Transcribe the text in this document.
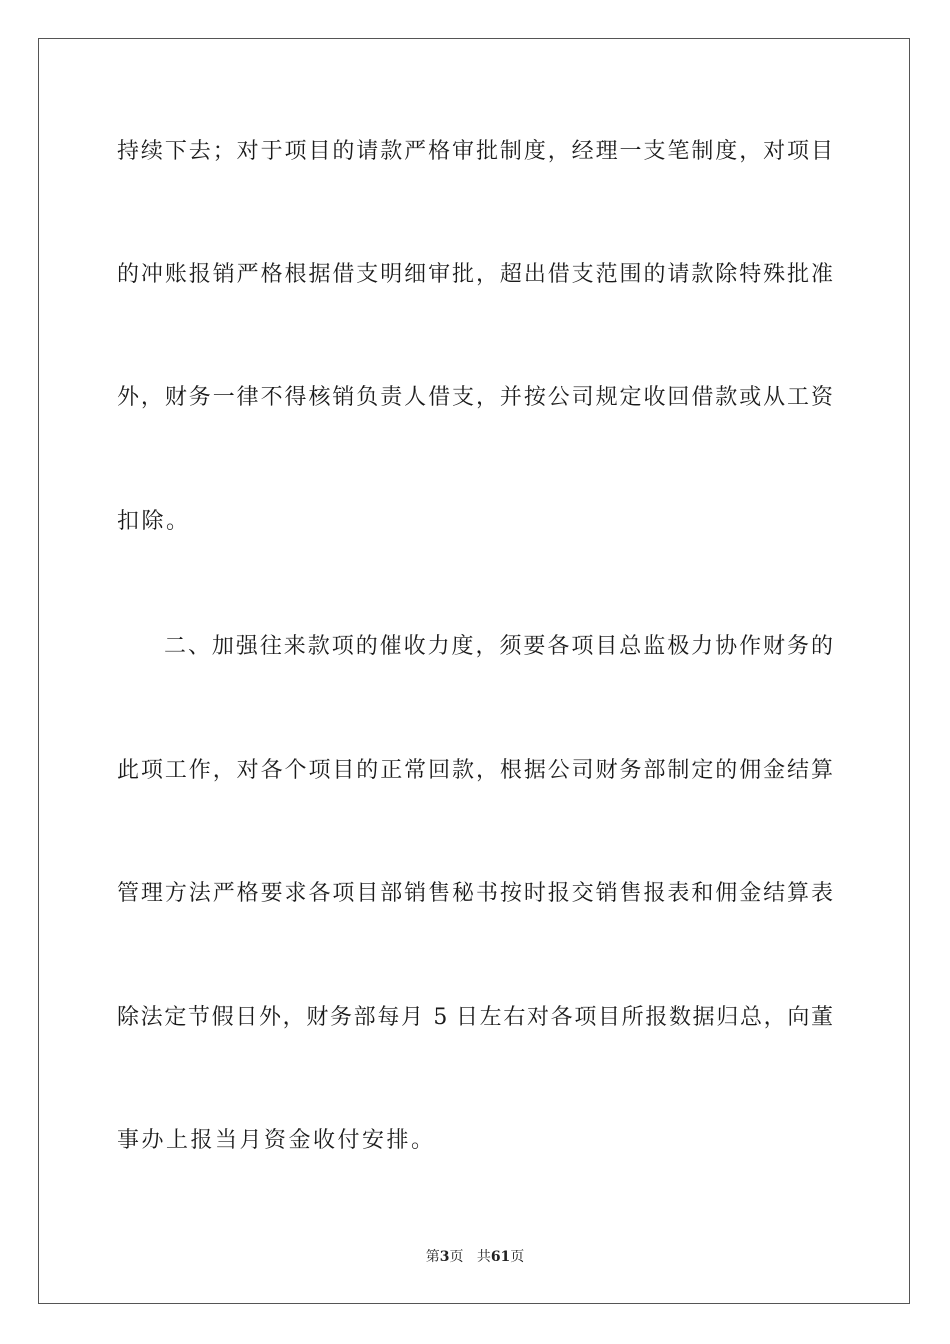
持续下去；对于项目的请款严格审批制度，经理一支笔制度，对项目
的冲账报销严格根据借支明细审批，超出借支范围的请款除特殊批准
外，财务一律不得核销负责人借支，并按公司规定收回借款或从工资
扣除。
二、加强往来款项的催收力度，须要各项目总监极力协作财务的
此项工作，对各个项目的正常回款，根据公司财务部制定的佣金结算
管理方法严格要求各项目部销售秘书按时报交销售报表和佣金结算表
除法定节假日外，财务部每月 5 日左右对各项目所报数据归总，向董
事办上报当月资金收付安排。
第3页 共61页
